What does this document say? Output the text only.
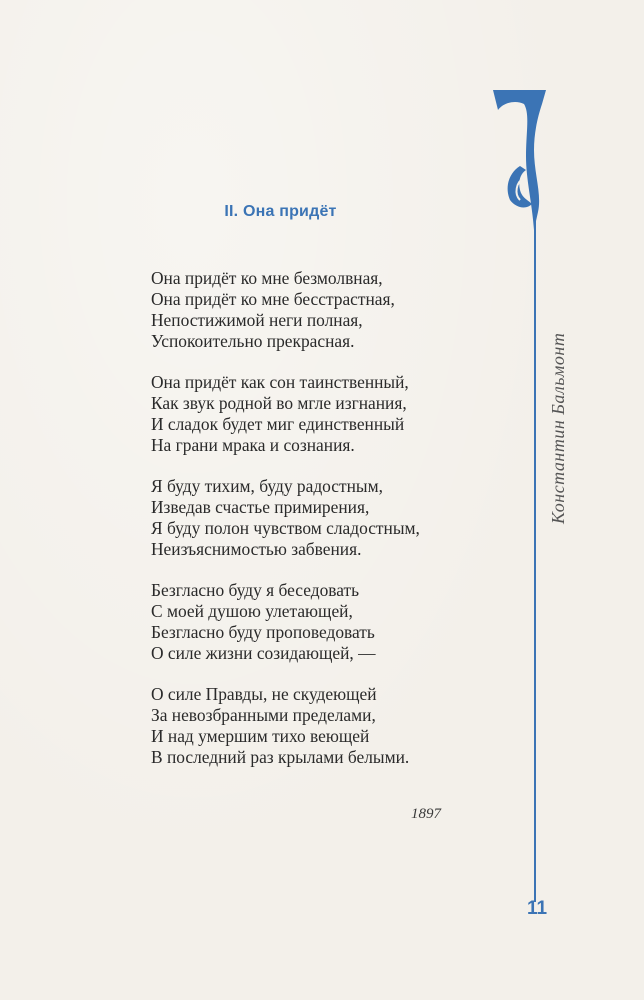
II. Она придёт
Она придёт ко мне безмолвная,
Она придёт ко мне бесстрастная,
Непостижимой неги полная,
Успокоительно прекрасная.
Она придёт как сон таинственный,
Как звук родной во мгле изгнания,
И сладок будет миг единственный
На грани мрака и сознания.
Я буду тихим, буду радостным,
Изведав счастье примирения,
Я буду полон чувством сладостным,
Неизъяснимостью забвения.
Безгласно буду я беседовать
С моей душою улетающей,
Безгласно буду проповедовать
О силе жизни созидающей, —
О силе Правды, не скудеющей
За невозбранными пределами,
И над умершим тихо веющей
В последний раз крылами белыми.
1897
Константин Бальмонт
11
